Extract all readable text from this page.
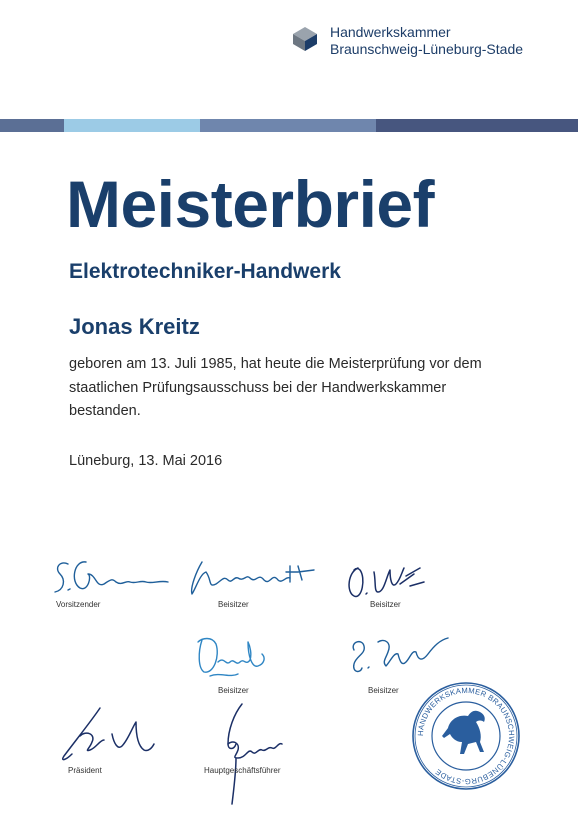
Handwerkskammer
Braunschweig-Lüneburg-Stade
Meisterbrief
Elektrotechniker-Handwerk
Jonas Kreitz
geboren am 13. Juli 1985, hat heute die Meisterprüfung vor dem
staatlichen Prüfungsausschuss bei der Handwerkskammer
bestanden.
Lüneburg, 13. Mai 2016
Vorsitzender	Beisitzer	Beisitzer
Beisitzer	Beisitzer
Präsident	Hauptgeschäftsführer
HANDWERKSKAMMER BRAUNSCHWEIG-LÜNEBURG-STADE
